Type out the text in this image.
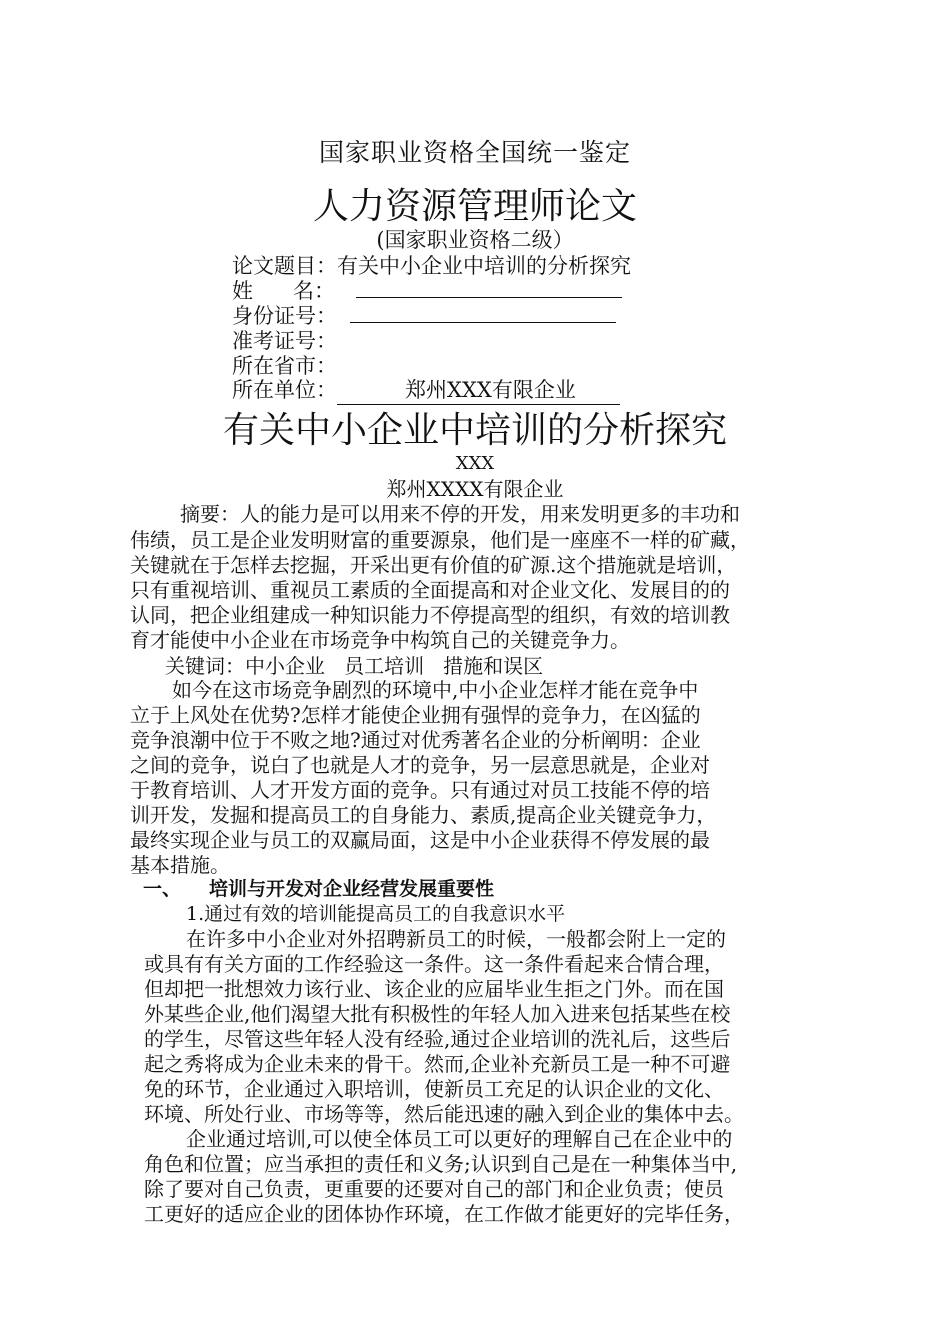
国家职业资格全国统一鉴定
人力资源管理师论文
(国家职业资格二级）
论文题目：有关中小企业中培训的分析探究
姓      名：
身份证号：
准考证号：
所在省市：
所在单位：	郑州XXX有限企业
有关中小企业中培训的分析探究
XXX
郑州XXXX有限企业
摘要：人的能力是可以用来不停的开发，用来发明更多的丰功和
伟绩，员工是企业发明财富的重要源泉，他们是一座座不一样的矿藏，
关键就在于怎样去挖掘，开采出更有价值的矿源.这个措施就是培训，
只有重视培训、重视员工素质的全面提高和对企业文化、发展目的的
认同，把企业组建成一种知识能力不停提高型的组织，有效的培训教
育才能使中小企业在市场竞争中构筑自己的关键竞争力。
关键词：中小企业   员工培训   措施和误区
如今在这市场竞争剧烈的环境中,中小企业怎样才能在竞争中
立于上风处在优势?怎样才能使企业拥有强悍的竞争力，在凶猛的
竞争浪潮中位于不败之地?通过对优秀著名企业的分析阐明：企业
之间的竞争，说白了也就是人才的竞争，另一层意思就是，企业对
于教育培训、人才开发方面的竞争。只有通过对员工技能不停的培
训开发，发掘和提高员工的自身能力、素质,提高企业关键竞争力，
最终实现企业与员工的双赢局面，这是中小企业获得不停发展的最
基本措施。
一、 培训与开发对企业经营发展重要性
1.通过有效的培训能提高员工的自我意识水平
在许多中小企业对外招聘新员工的时候，一般都会附上一定的
或具有有关方面的工作经验这一条件。这一条件看起来合情合理，
但却把一批想效力该行业、该企业的应届毕业生拒之门外。而在国
外某些企业,他们渴望大批有积极性的年轻人加入进来包括某些在校
的学生，尽管这些年轻人没有经验,通过企业培训的洗礼后，这些后
起之秀将成为企业未来的骨干。然而,企业补充新员工是一种不可避
免的环节，企业通过入职培训，使新员工充足的认识企业的文化、
环境、所处行业、市场等等，然后能迅速的融入到企业的集体中去。
企业通过培训,可以使全体员工可以更好的理解自己在企业中的
角色和位置；应当承担的责任和义务;认识到自己是在一种集体当中,
除了要对自己负责，更重要的还要对自己的部门和企业负责；使员
工更好的适应企业的团体协作环境，在工作做才能更好的完毕任务，
